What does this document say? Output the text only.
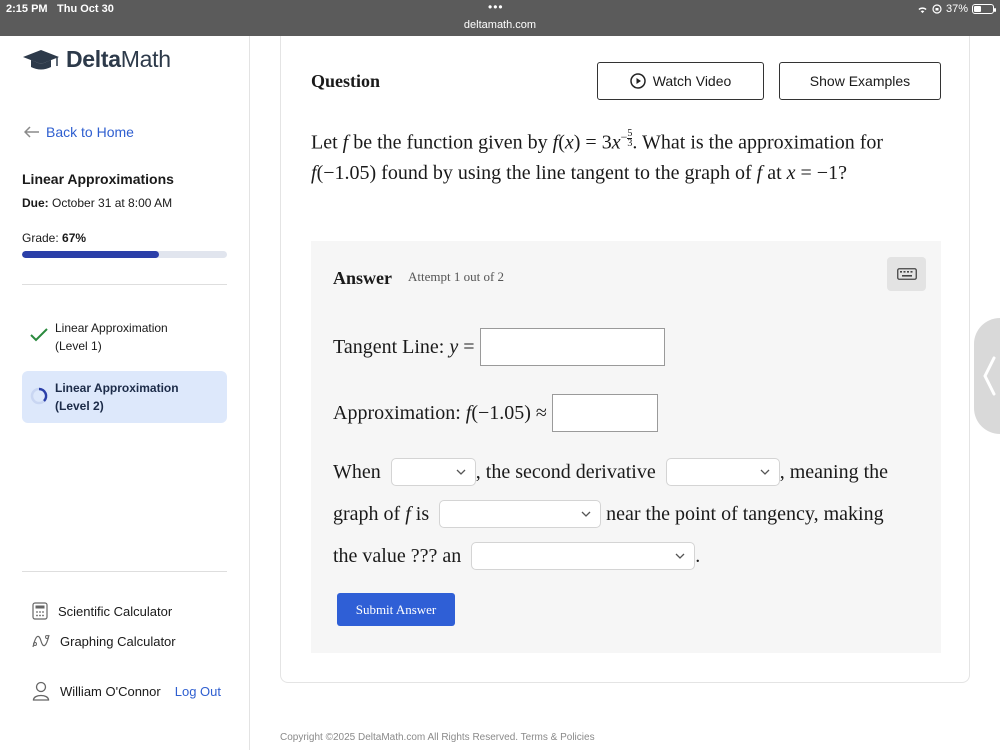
2:15 PM Thu Oct 30	•••
deltamath.com
37%
DeltaMath
Back to Home
Linear Approximations
Due: October 31 at 8:00 AM
Grade: 67%
Linear Approximation
(Level 1)
Linear Approximation
(Level 2)
Scientific Calculator
Graphing Calculator
William O'Connor Log Out
Question	Watch Video	Show Examples
Let f be the function given by $f(x) = 3x^{- \frac{5}{3}}$ . What is the approximation for f(−1.05) found by using the line tangent to the graph of f at x = −1?
Answer Attempt 1 out of 2
Tangent Line:
y =
Approximation:
f (−1.05) ≈
When
	, the second derivative
	, meaning the
graph of
f
is

	near the point of tangency, making
the value ??? an
	.
Submit Answer
Copyright ©2025 DeltaMath.com All Rights Reserved. Terms & Policies
